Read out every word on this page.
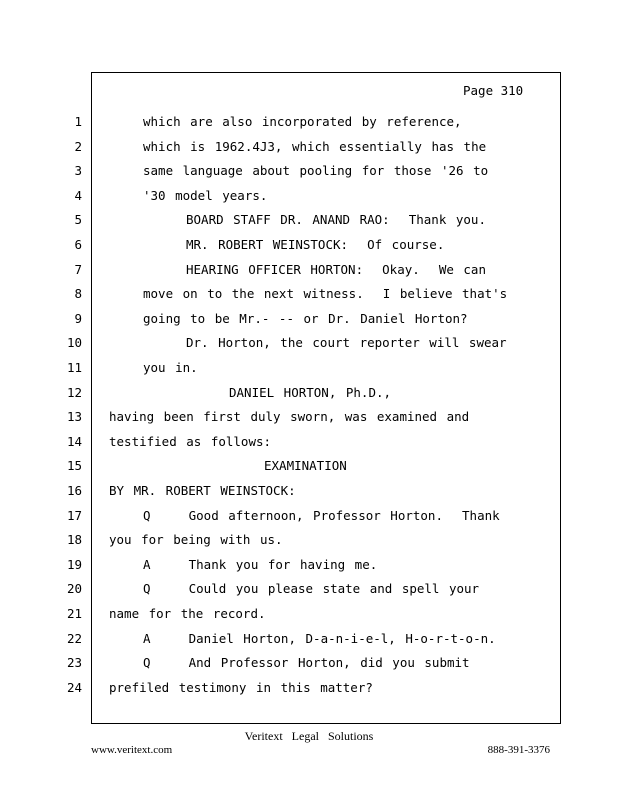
Page 310
1	which are also incorporated by reference,
2	which is 1962.4J3, which essentially has the
3	same language about pooling for those '26 to
4	'30 model years.
5	BOARD STAFF DR. ANAND RAO:  Thank you.
6	MR. ROBERT WEINSTOCK:  Of course.
7	HEARING OFFICER HORTON:  Okay.  We can
8	move on to the next witness.  I believe that's
9	going to be Mr.- -- or Dr. Daniel Horton?
10	Dr. Horton, the court reporter will swear
11	you in.
12	DANIEL HORTON, Ph.D.,
13 having been first duly sworn, was examined and
14 testified as follows:
15	EXAMINATION
16 BY MR. ROBERT WEINSTOCK:
17	Q    Good afternoon, Professor Horton.  Thank
18 you for being with us.
19	A    Thank you for having me.
20	Q    Could you please state and spell your
21 name for the record.
22	A    Daniel Horton, D-a-n-i-e-l, H-o-r-t-o-n.
23	Q    And Professor Horton, did you submit
24 prefiled testimony in this matter?
Veritext Legal Solutions
www.veritext.com	888-391-3376
